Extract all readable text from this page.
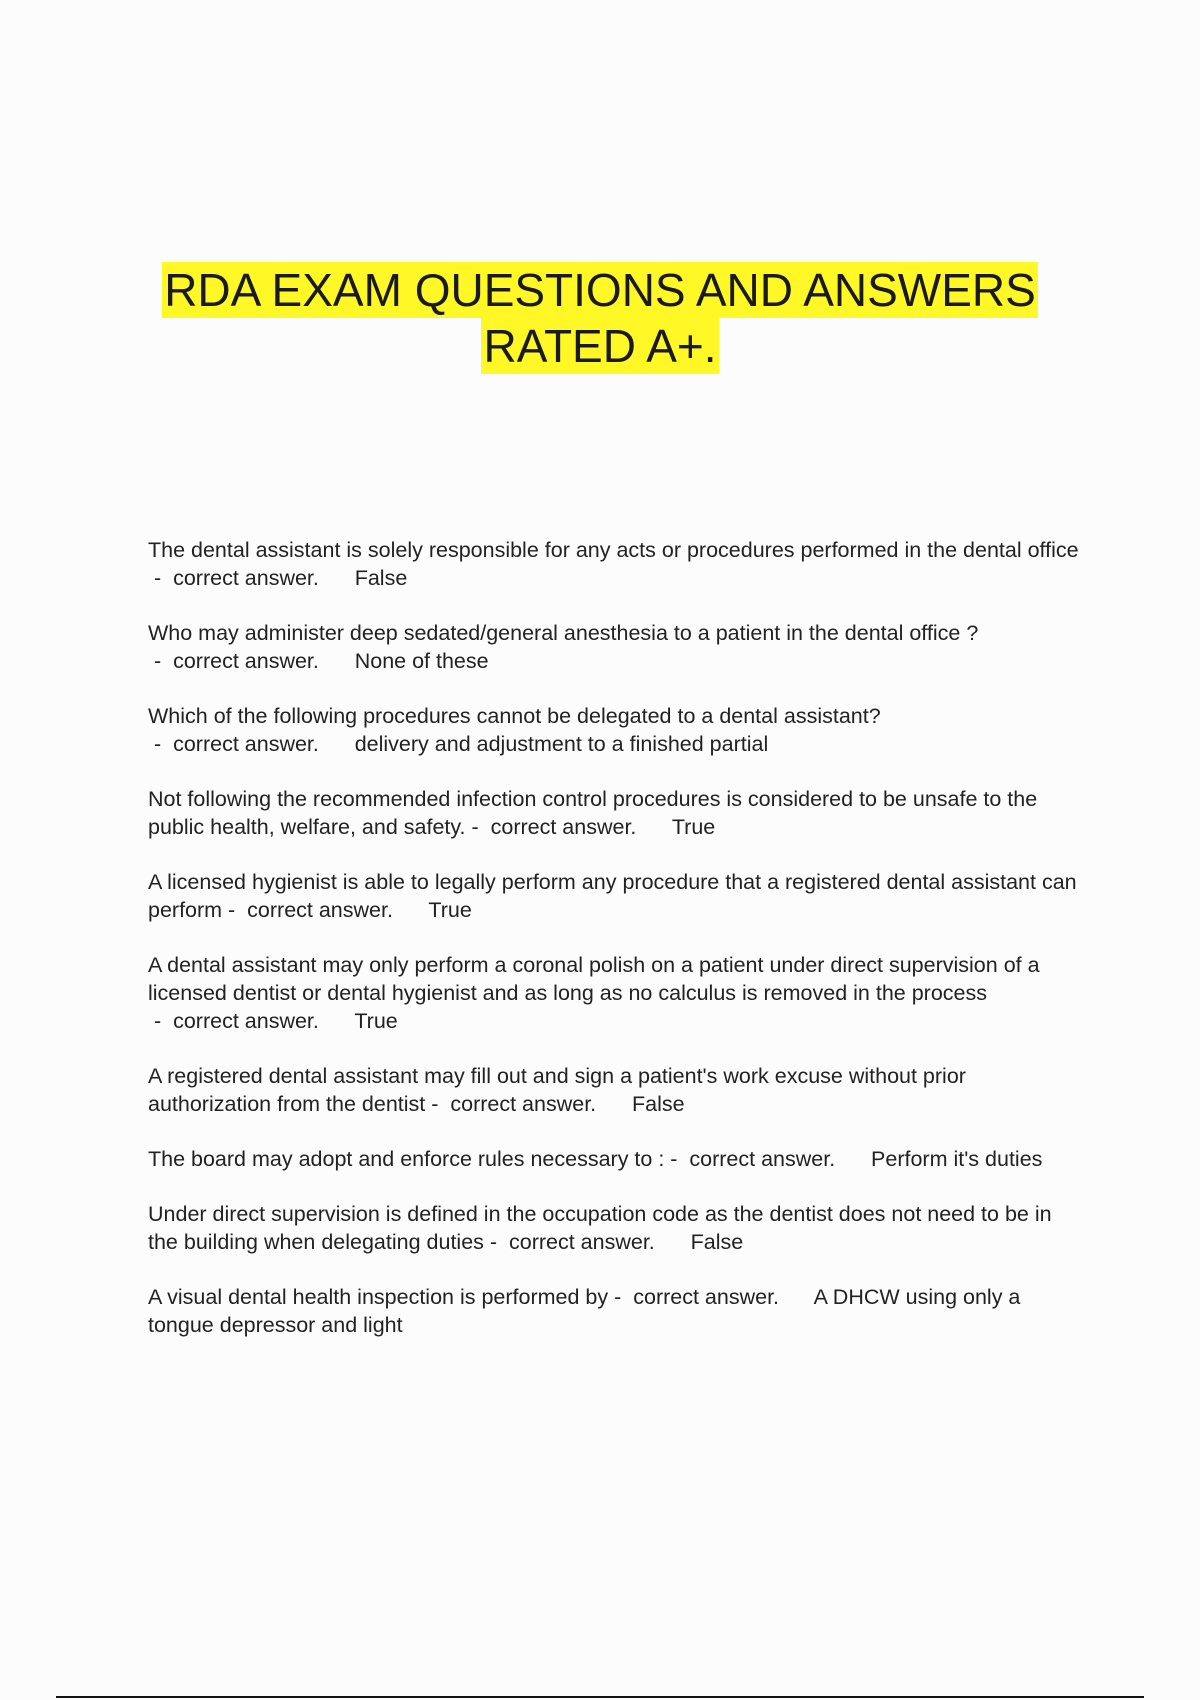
RDA EXAM QUESTIONS AND ANSWERS
RATED A+.
The dental assistant is solely responsible for any acts or procedures performed in the dental office -  correct answer. False
Who may administer deep sedated/general anesthesia to a patient in the dental office ? -  correct answer. None of these
Which of the following procedures cannot be delegated to a dental assistant? -  correct answer. delivery and adjustment to a finished partial
Not following the recommended infection control procedures is considered to be unsafe to the public health, welfare, and safety. -  correct answer. True
A licensed hygienist is able to legally perform any procedure that a registered dental assistant can perform -  correct answer. True
A dental assistant may only perform a coronal polish on a patient under direct supervision of a licensed dentist or dental hygienist and as long as no calculus is removed in the process -  correct answer. True
A registered dental assistant may fill out and sign a patient's work excuse without prior authorization from the dentist -  correct answer. False
The board may adopt and enforce rules necessary to : -  correct answer. Perform it's duties
Under direct supervision is defined in the occupation code as the dentist does not need to be in the building when delegating duties -  correct answer. False
A visual dental health inspection is performed by -  correct answer. A DHCW using only a tongue depressor and light
